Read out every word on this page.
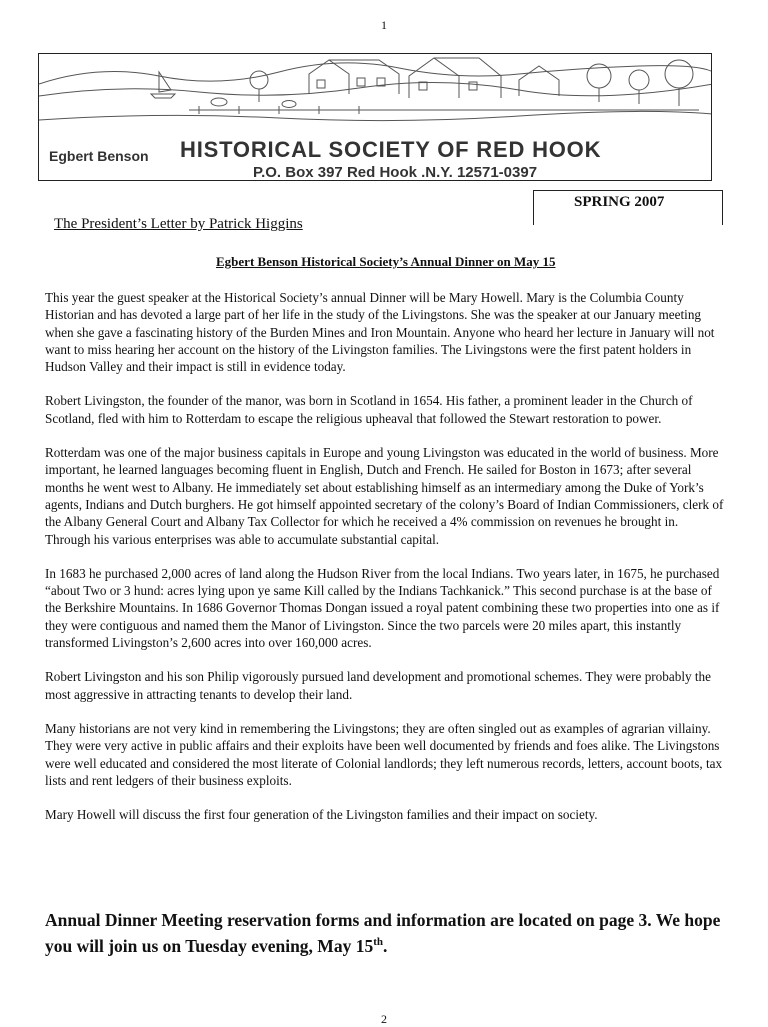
1
Egbert Benson HISTORICAL SOCIETY OF RED HOOK
P.O. Box 397 Red Hook .N.Y. 12571-0397
SPRING 2007
The President’s Letter by Patrick Higgins
Egbert Benson Historical Society’s Annual Dinner on May 15

This year the guest speaker at the Historical Society’s annual Dinner will be Mary Howell. Mary is the Columbia County Historian and has devoted a large part of her life in the study of the Livingstons. She was the speaker at our January meeting when she gave a fascinating history of the Burden Mines and Iron Mountain. Anyone who heard her lecture in January will not want to miss hearing her account on the history of the Livingston families. The Livingstons were the first patent holders in Hudson Valley and their impact is still in evidence today.

Robert Livingston, the founder of the manor, was born in Scotland in 1654. His father, a prominent leader in the Church of Scotland, fled with him to Rotterdam to escape the religious upheaval that followed the Stewart restoration to power.

Rotterdam was one of the major business capitals in Europe and young Livingston was educated in the world of business. More important, he learned languages becoming fluent in English, Dutch and French. He sailed for Boston in 1673; after several months he went west to Albany. He immediately set about establishing himself as an intermediary among the Duke of York’s agents, Indians and Dutch burghers. He got himself appointed secretary of the colony’s Board of Indian Commissioners, clerk of the Albany General Court and Albany Tax Collector for which he received a 4% commission on revenues he brought in. Through his various enterprises was able to accumulate substantial capital.

In 1683 he purchased 2,000 acres of land along the Hudson River from the local Indians. Two years later, in 1675, he purchased “about Two or 3 hund: acres lying upon ye same Kill called by the Indians Tachkanick.” This second purchase is at the base of the Berkshire Mountains. In 1686 Governor Thomas Dongan issued a royal patent combining these two properties into one as if they were contiguous and named them the Manor of Livingston. Since the two parcels were 20 miles apart, this instantly transformed Livingston’s 2,600 acres into over 160,000 acres.

Robert Livingston and his son Philip vigorously pursued land development and promotional schemes. They were probably the most aggressive in attracting tenants to develop their land.

Many historians are not very kind in remembering the Livingstons; they are often singled out as examples of agrarian villainy. They were very active in public affairs and their exploits have been well documented by friends and foes alike. The Livingstons were well educated and considered the most literate of Colonial landlords; they left numerous records, letters, account boots, tax lists and rent ledgers of their business exploits.

Mary Howell will discuss the first four generation of the Livingston families and their impact on society.

Annual Dinner Meeting reservation forms and information are located on page 3. We hope you will join us on Tuesday evening, May 15th.
2
